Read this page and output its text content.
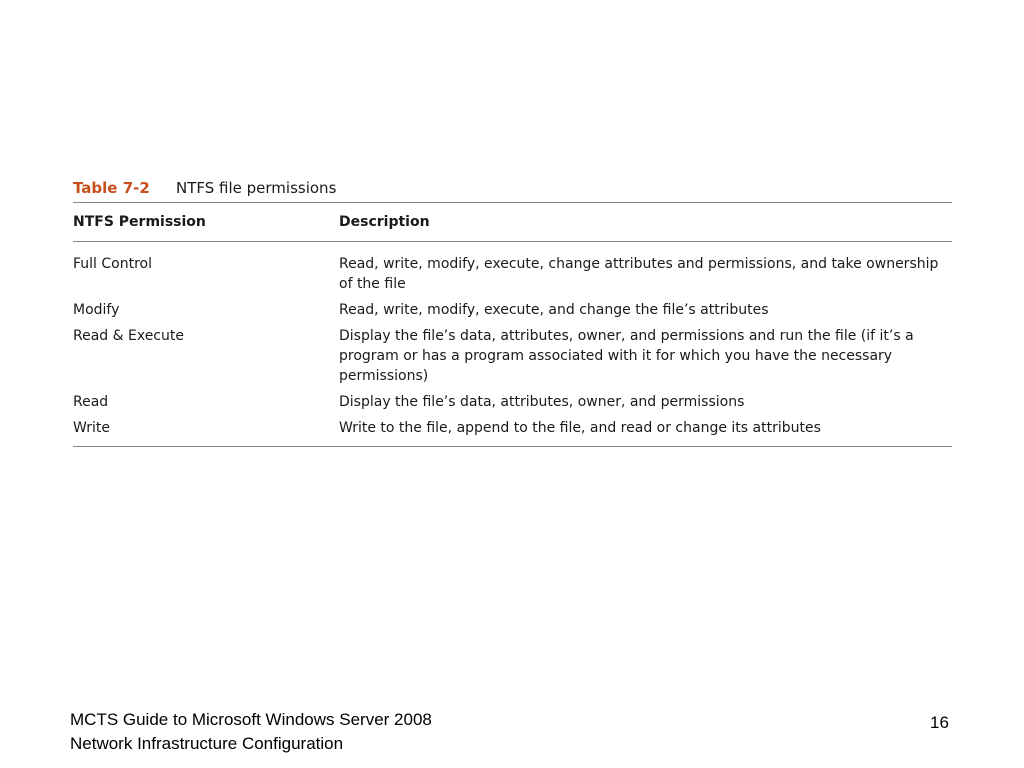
Table 7-2	NTFS file permissions
NTFS Permission	Description
Full Control	Read, write, modify, execute, change attributes and permissions, and take ownership of the file
Modify	Read, write, modify, execute, and change the file’s attributes
Read & Execute	Display the file’s data, attributes, owner, and permissions and run the file (if it’s a program or has a program associated with it for which you have the necessary permissions)
Read	Display the file’s data, attributes, owner, and permissions
Write	Write to the file, append to the file, and read or change its attributes
MCTS Guide to Microsoft Windows Server 2008
Network Infrastructure Configuration
16
